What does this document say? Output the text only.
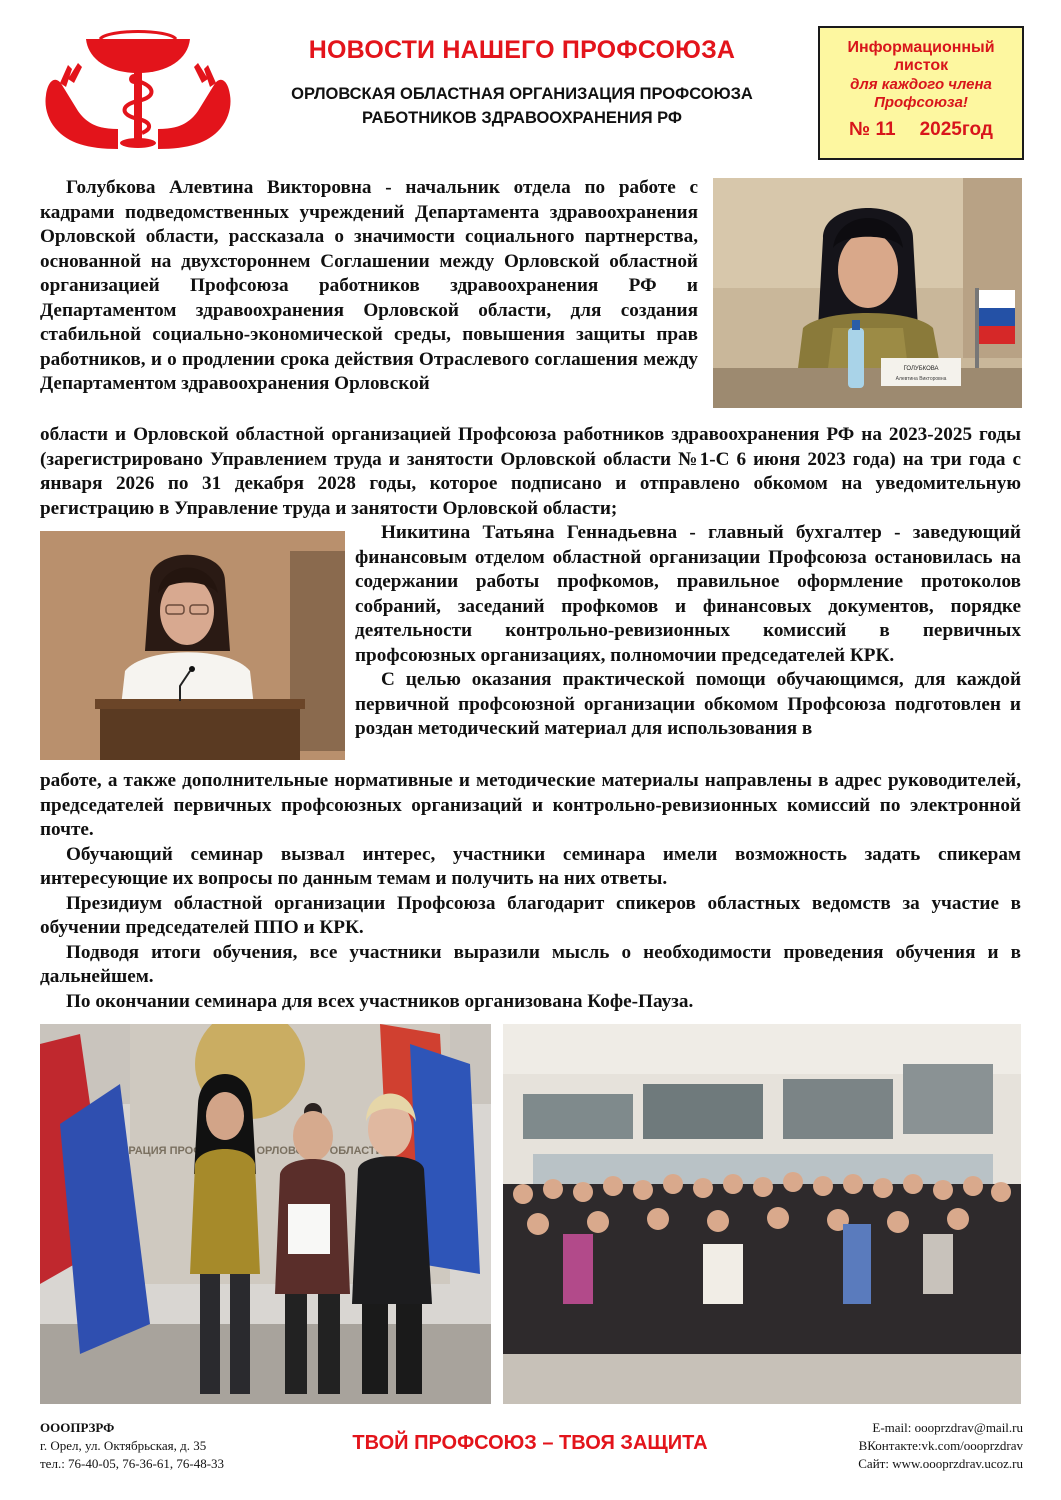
НОВОСТИ НАШЕГО ПРОФСОЮЗА
ОРЛОВСКАЯ ОБЛАСТНАЯ ОРГАНИЗАЦИЯ ПРОФСОЮЗА
РАБОТНИКОВ ЗДРАВООХРАНЕНИЯ РФ
Информационный
листок
для каждого члена
Профсоюза!
№ 11 2025год
ГОЛУБКОВА
Алевтина Викторовна

Голубкова Алевтина Викторовна - начальник отдела по работе с кадрами подведомственных учреждений Департамента здравоохранения Орловской области, рассказала о значимости социального партнерства, основанной на двухстороннем Соглашении между Орловской областной организацией Профсоюза работников здравоохранения РФ и Департаментом здравоохранения Орловской области, для создания стабильной социально-экономической среды, повышения защиты прав работников, и о продлении срока действия Отраслевого соглашения между Департаментом здравоохранения Орловской

области и Орловской областной организацией Профсоюза работников здравоохранения РФ на 2023-2025 годы (зарегистрировано Управлением труда и занятости Орловской области №1-С 6 июня 2023 года) на три года с января 2026 по 31 декабря 2028 годы, которое подписано и отправлено обкомом на уведомительную регистрацию в Управление труда и занятости Орловской области;

Никитина Татьяна Геннадьевна - главный бухгалтер - заведующий финансовым отделом областной организации Профсоюза остановилась на содержании работы профкомов, правильное оформление протоколов собраний, заседаний профкомов и финансовых документов, порядке деятельности контрольно-ревизионных комиссий в первичных профсоюзных организациях, полномочии председателей КРК.

С целью оказания практической помощи обучающимся, для каждой первичной профсоюзной организации обкомом Профсоюза подготовлен и роздан методический материал для использования в

работе, а также дополнительные нормативные и методические материалы направлены в адрес руководителей, председателей первичных профсоюзных организаций и контрольно-ревизионных комиссий по электронной почте.

Обучающий семинар вызвал интерес, участники семинара имели возможность задать спикерам интересующие их вопросы по данным темам и получить на них ответы.

Президиум областной организации Профсоюза благодарит спикеров областных ведомств за участие в обучении председателей ППО и КРК.

Подводя итоги обучения, все участники выразили мысль о необходимости проведения обучения и в дальнейшем.

По окончании семинара для всех участников организована Кофе-Пауза.

ФЕДЕРАЦИЯ ОРЛОВСКОЙ ОБЛАСТИ
ОООПРЗРФ
г. Орел, ул. Октябрьская, д. 35
тел.: 76-40-05, 76-36-61, 76-48-33
ТВОЙ ПРОФСОЮЗ – ТВОЯ ЗАЩИТА
E-mail: oooprzdrav@mail.ru
ВКонтакте:vk.com/oooprzdrav
Сайт: www.oooprzdrav.ucoz.ru
